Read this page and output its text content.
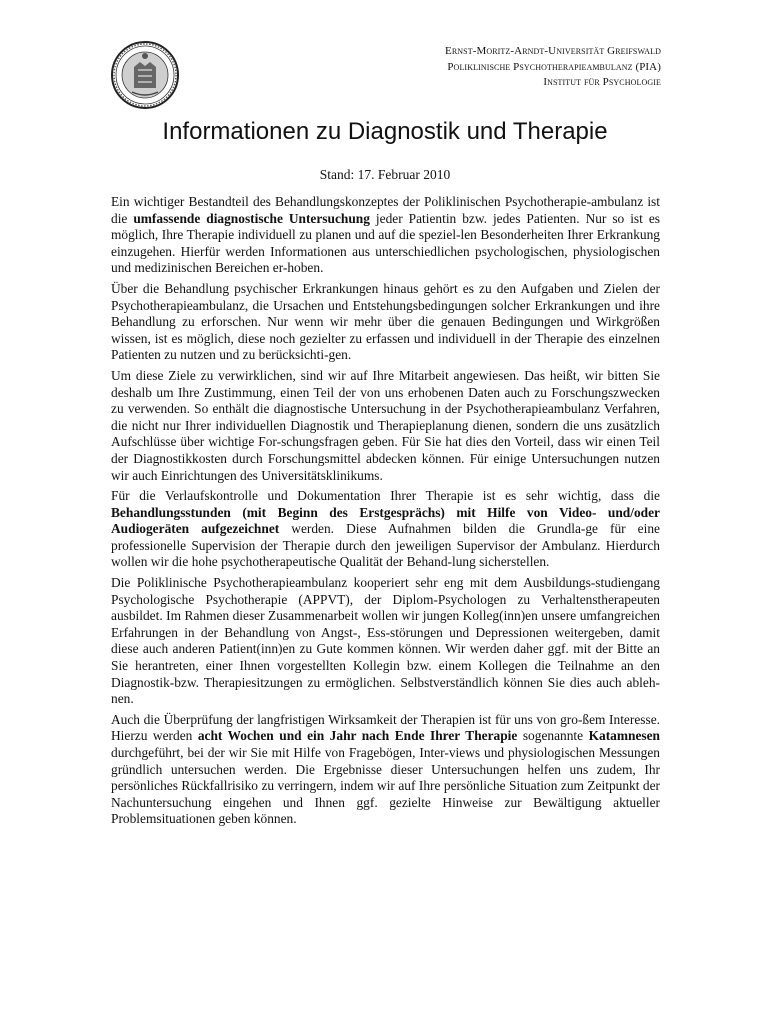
Ernst-Moritz-Arndt-Universität Greifswald
Poliklinische Psychotherapieambulanz (PIA)
Institut für Psychologie
Informationen zu Diagnostik und Therapie
Stand: 17. Februar 2010

Ein wichtiger Bestandteil des Behandlungskonzeptes der Poliklinischen Psychotherapie-ambulanz ist die umfassende diagnostische Untersuchung jeder Patientin bzw. jedes Patienten. Nur so ist es möglich, Ihre Therapie individuell zu planen und auf die speziel-len Besonderheiten Ihrer Erkrankung einzugehen. Hierfür werden Informationen aus unterschiedlichen psychologischen, physiologischen und medizinischen Bereichen er-hoben.

Über die Behandlung psychischer Erkrankungen hinaus gehört es zu den Aufgaben und Zielen der Psychotherapieambulanz, die Ursachen und Entstehungsbedingungen solcher Erkrankungen und ihre Behandlung zu erforschen. Nur wenn wir mehr über die genauen Bedingungen und Wirkgrößen wissen, ist es möglich, diese noch gezielter zu erfassen und individuell in der Therapie des einzelnen Patienten zu nutzen und zu berücksichti-gen.

Um diese Ziele zu verwirklichen, sind wir auf Ihre Mitarbeit angewiesen. Das heißt, wir bitten Sie deshalb um Ihre Zustimmung, einen Teil der von uns erhobenen Daten auch zu Forschungszwecken zu verwenden. So enthält die diagnostische Untersuchung in der Psychotherapieambulanz Verfahren, die nicht nur Ihrer individuellen Diagnostik und Therapieplanung dienen, sondern die uns zusätzlich Aufschlüsse über wichtige For-schungsfragen geben. Für Sie hat dies den Vorteil, dass wir einen Teil der Diagnostikkosten durch Forschungsmittel abdecken können. Für einige Untersuchungen nutzen wir auch Einrichtungen des Universitätsklinikums.

Für die Verlaufskontrolle und Dokumentation Ihrer Therapie ist es sehr wichtig, dass die Behandlungsstunden (mit Beginn des Erstgesprächs) mit Hilfe von Video- und/oder Audiogeräten aufgezeichnet werden. Diese Aufnahmen bilden die Grundla-ge für eine professionelle Supervision der Therapie durch den jeweiligen Supervisor der Ambulanz. Hierdurch wollen wir die hohe psychotherapeutische Qualität der Behand-lung sicherstellen.

Die Poliklinische Psychotherapieambulanz kooperiert sehr eng mit dem Ausbildungs-studiengang Psychologische Psychotherapie (APPVT), der Diplom-Psychologen zu Verhaltenstherapeuten ausbildet. Im Rahmen dieser Zusammenarbeit wollen wir jungen Kolleg(inn)en unsere umfangreichen Erfahrungen in der Behandlung von Angst-, Ess-störungen und Depressionen weitergeben, damit diese auch anderen Patient(inn)en zu Gute kommen können. Wir werden daher ggf. mit der Bitte an Sie herantreten, einer Ihnen vorgestellten Kollegin bzw. einem Kollegen die Teilnahme an den Diagnostik-bzw. Therapiesitzungen zu ermöglichen. Selbstverständlich können Sie dies auch ableh-nen.

Auch die Überprüfung der langfristigen Wirksamkeit der Therapien ist für uns von gro-ßem Interesse. Hierzu werden acht Wochen und ein Jahr nach Ende Ihrer Therapie sogenannte Katamnesen durchgeführt, bei der wir Sie mit Hilfe von Fragebögen, Inter-views und physiologischen Messungen gründlich untersuchen werden. Die Ergebnisse dieser Untersuchungen helfen uns zudem, Ihr persönliches Rückfallrisiko zu verringern, indem wir auf Ihre persönliche Situation zum Zeitpunkt der Nachuntersuchung eingehen und Ihnen ggf. gezielte Hinweise zur Bewältigung aktueller Problemsituationen geben können.
